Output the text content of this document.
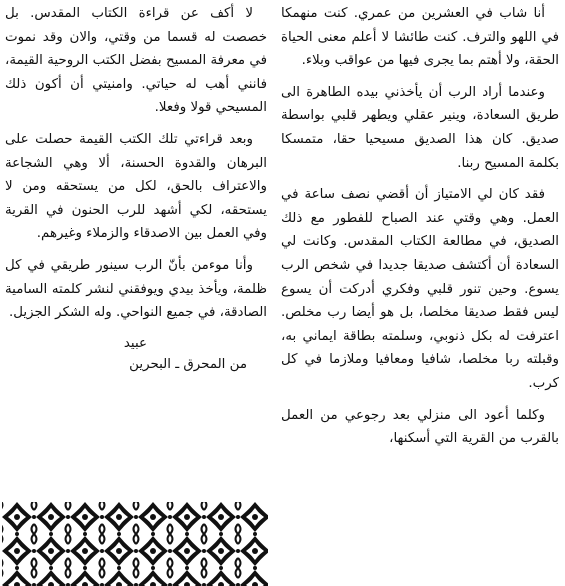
أنا شاب في العشرين من عمري. كنت منهمكا في اللهو والترف. كنت طائشا لا أعلم معنى الحياة الحقة، ولا أهتم بما يجرى فيها من عواقب وبلاء.

وعندما أراد الرب أن يأخذني بيده الطاهرة الى طريق السعادة، وينير عقلي ويطهر قلبي بواسطة صديق. كان هذا الصديق مسيحيا حقا، متمسكا بكلمة المسيح ربنا.

فقد كان لي الامتياز أن أقضي نصف ساعة في العمل. وهي وقتي عند الصباح للفطور مع ذلك الصديق، في مطالعة الكتاب المقدس. وكانت لي السعادة أن أكتشف صديقا جديدا في شخص الرب يسوع. وحين تنور قلبي وفكري أدركت أن يسوع ليس فقط صديقا مخلصا، بل هو أيضا رب مخلص. اعترفت له بكل ذنوبي، وسلمته بطاقة ايماني به، وقبلته ربا مخلصا، شافيا ومعافيا وملازما في كل كرب.

وكلما أعود الى منزلي بعد رجوعي من العمل بالقرب من القرية التي أسكنها،

لا أكف عن قراءة الكتاب المقدس. بل خصصت له قسما من وقتي، والان وقد نموت في معرفة المسيح بفضل الكتب الروحية القيمة، فانني أهب له حياتي. وامنيتي أن أكون ذلك المسيحي قولا وفعلا.

وبعد قراءتي تلك الكتب القيمة حصلت على البرهان والقدوة الحسنة، ألا وهي الشجاعة والاعتراف بالحق، لكل من يستحقه ومن لا يستحقه، لكي أشهد للرب الحنون في القرية وفي العمل بين الاصدقاء والزملاء وغيرهم.

وأنا موءمن بأنّ الرب سينور طريقي في كل ظلمة، ويأخذ بيدي ويوفقني لنشر كلمته السامية الصادقة، في جميع النواحي. وله الشكر الجزيل.

عبيد
من المحرق ـ البحرين
